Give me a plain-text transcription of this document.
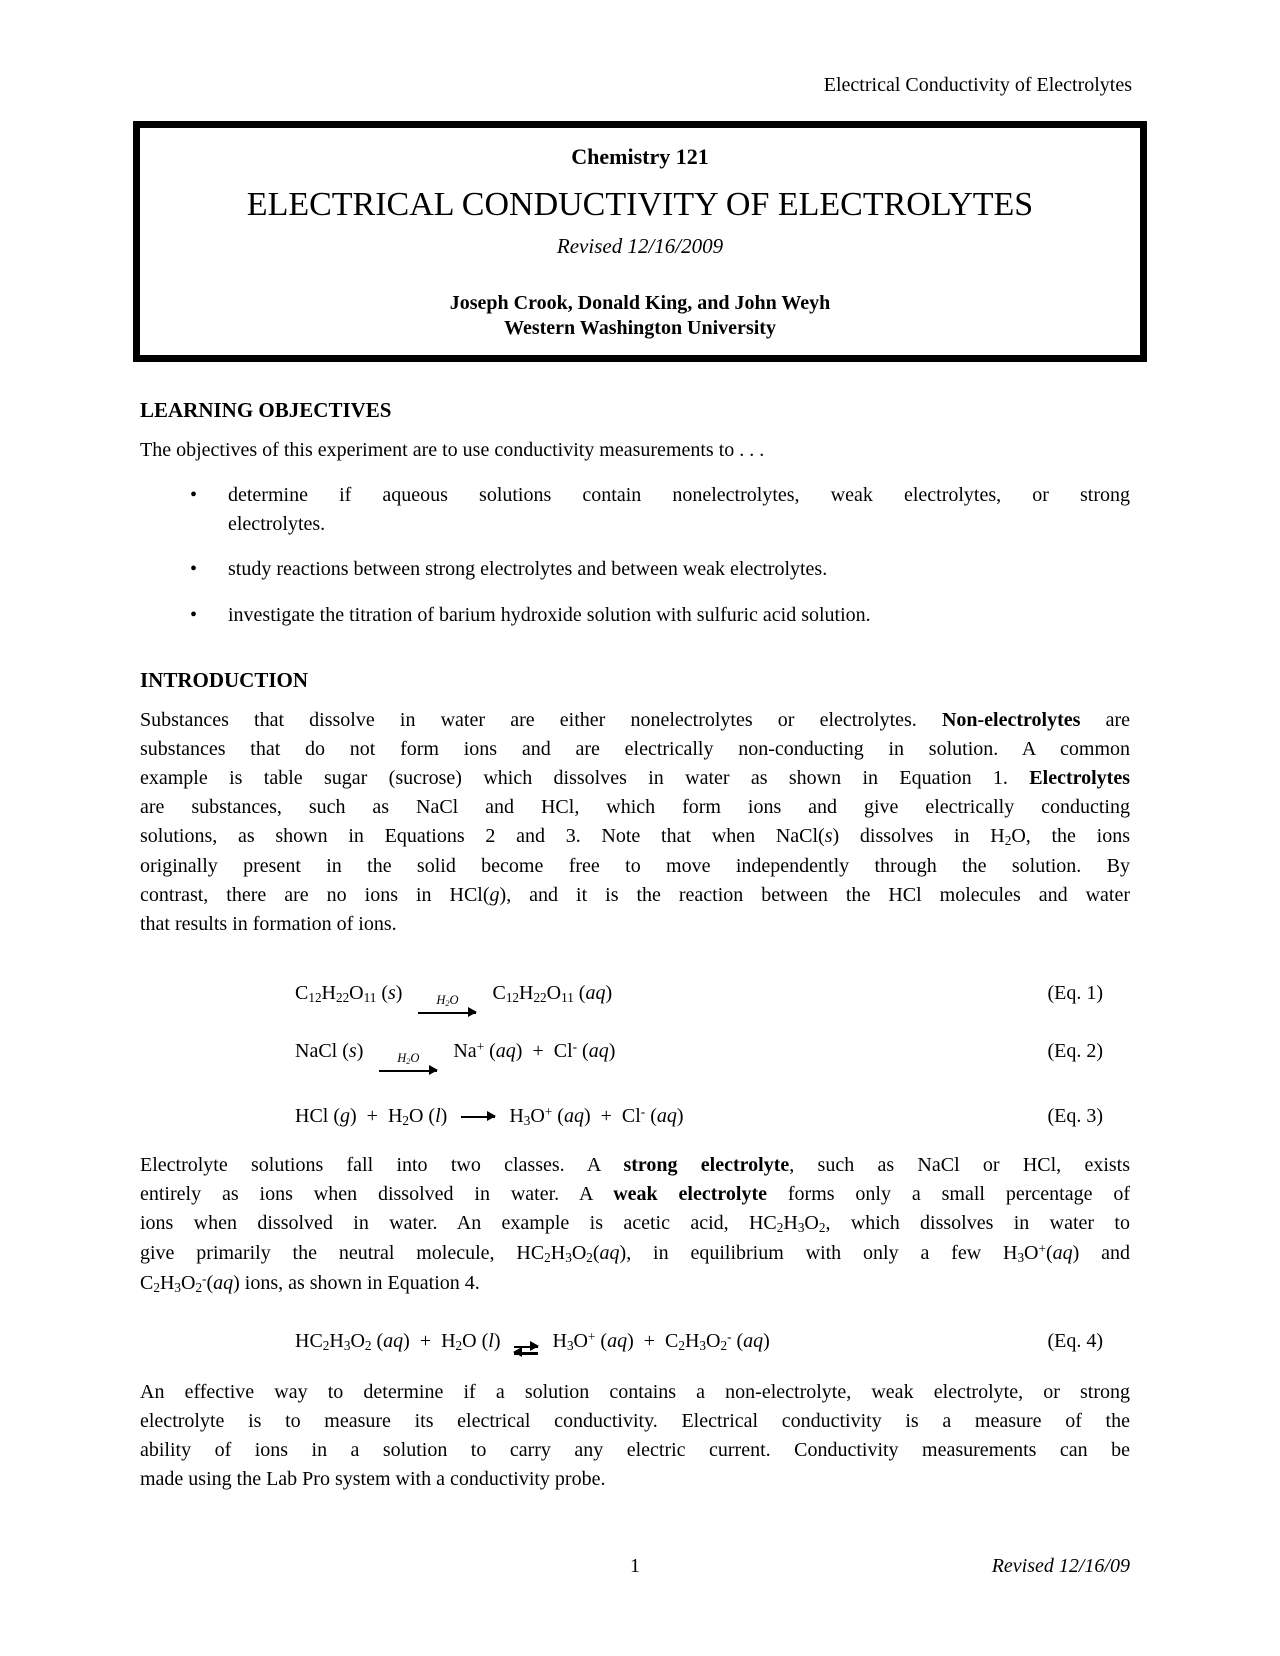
Electrical Conductivity of Electrolytes
Chemistry 121
ELECTRICAL CONDUCTIVITY OF ELECTROLYTES
Revised 12/16/2009
Joseph Crook, Donald King, and John Weyh
Western Washington University
LEARNING OBJECTIVES
The objectives of this experiment are to use conductivity measurements to . . .
• determine if aqueous solutions contain nonelectrolytes, weak electrolytes, or strong
electrolytes.
• study reactions between strong electrolytes and between weak electrolytes.
• investigate the titration of barium hydroxide solution with sulfuric acid solution.
INTRODUCTION
Substances that dissolve in water are either nonelectrolytes or electrolytes. Non-electrolytes are
substances that do not form ions and are electrically non-conducting in solution. A common
example is table sugar (sucrose) which dissolves in water as shown in Equation 1. Electrolytes
are substances, such as NaCl and HCl, which form ions and give electrically conducting
solutions, as shown in Equations 2 and 3. Note that when NaCl(s) dissolves in H2O, the ions
originally present in the solid become free to move independently through the solution. By
contrast, there are no ions in HCl(g), and it is the reaction between the HCl molecules and water
that results in formation of ions.
C12H22O11 (s)	H2O C12H22O11 (aq)	(Eq. 1)
NaCl (s)	H2O Na+ (aq)  +  Cl- (aq)	(Eq. 2)
HCl (g)  +  H2O (l) → H3O+ (aq)  +  Cl- (aq)	(Eq. 3)
Electrolyte solutions fall into two classes. A strong electrolyte, such as NaCl or HCl, exists
entirely as ions when dissolved in water. A weak electrolyte forms only a small percentage of
ions when dissolved in water. An example is acetic acid, HC2H3O2, which dissolves in water to
give primarily the neutral molecule, HC2H3O2(aq), in equilibrium with only a few H3O+(aq) and
C2H3O2-(aq) ions, as shown in Equation 4.
HC2H3O2 (aq)  +  H2O (l) ⇌ H3O+ (aq)  +  C2H3O2- (aq)	(Eq. 4)
An effective way to determine if a solution contains a non-electrolyte, weak electrolyte, or strong
electrolyte is to measure its electrical conductivity. Electrical conductivity is a measure of the
ability of ions in a solution to carry any electric current. Conductivity measurements can be
made using the Lab Pro system with a conductivity probe.
1	Revised 12/16/09
